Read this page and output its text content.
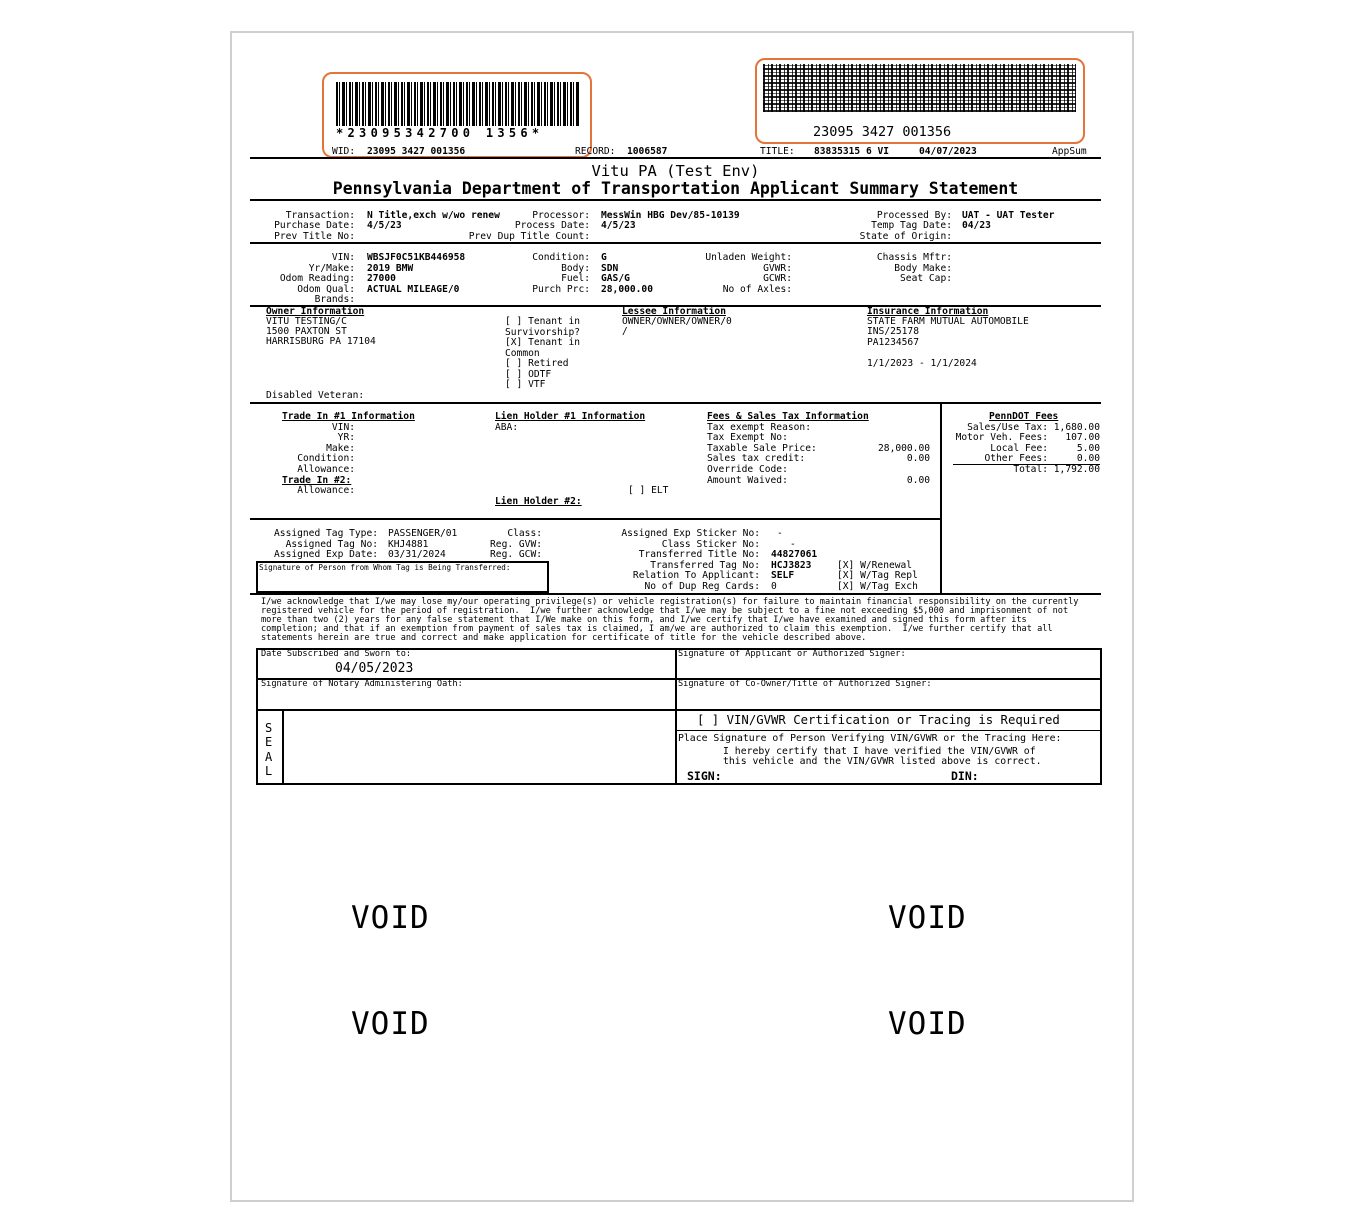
*23095342700 1356*	23095 3427 001356
WID: 23095 3427 001356	RECORD: 1006587	TITLE: 83835315 6 VI	04/07/2023	AppSum
Vitu PA (Test Env)
Pennsylvania Department of Transportation Applicant Summary Statement
Transaction: N Title,exch w/wo renew
Purchase Date: 4/5/23
Prev Title No:
Processor: MessWin HBG Dev/85-10139
Process Date: 4/5/23
Prev Dup Title Count:
Processed By: UAT - UAT Tester
Temp Tag Date: 04/23
State of Origin:
VIN: WBSJF0C51KB446958
Yr/Make: 2019 BMW
Odom Reading: 27000
Odom Qual: ACTUAL MILEAGE/0
Brands:
Condition: G
Body: SDN
Fuel: GAS/G
Purch Prc: 28,000.00
Unladen Weight:
GVWR:
GCWR:
No of Axles:
Chassis Mftr:
Body Make:
Seat Cap:
Owner Information
VITU TESTING/C
1500 PAXTON ST
HARRISBURG PA 17104
[ ] Tenant in
Survivorship?
[X] Tenant in
Common
[ ] Retired
[ ] ODTF
[ ] VTF
Disabled Veteran:
Lessee Information
OWNER/OWNER/OWNER/0
/
Insurance Information
STATE FARM MUTUAL AUTOMOBILE
INS/25178
PA1234567
1/1/2023 - 1/1/2024
Trade In #1 Information
VIN:
YR:
Make:
Condition:
Allowance:
Trade In #2:
Allowance:
Lien Holder #1 Information
ABA:
[ ] ELT
Lien Holder #2:
Fees & Sales Tax Information
Tax exempt Reason:
Tax Exempt No:
Taxable Sale Price:	28,000.00
Sales tax credit:	0.00
Override Code:
Amount Waived:	0.00
PennDOT Fees
Sales/Use Tax: 1,680.00
Motor Veh. Fees:	107.00
Local Fee:	5.00
Other Fees:	0.00
Total: 1,792.00
Assigned Tag Type: PASSENGER/01
Assigned Tag No: KHJ4881
Assigned Exp Date: 03/31/2024
Class:
Reg. GVW:
Reg. GCW:
Signature of Person from Whom Tag is Being Transferred:
Assigned Exp Sticker No: -
Class Sticker No:	-
Transferred Title No: 44827061
Transferred Tag No: HCJ3823
Relation To Applicant: SELF
No of Dup Reg Cards: 0
[X] W/Renewal
[X] W/Tag Repl
[X] W/Tag Exch
I/we acknowledge that I/we may lose my/our operating privilege(s) or vehicle registration(s) for failure to maintain financial responsibility on the currently
registered vehicle for the period of registration.  I/we further acknowledge that I/we may be subject to a fine not exceeding $5,000 and imprisonment of not
more than two (2) years for any false statement that I/We make on this form, and I/we certify that I/we have examined and signed this form after its
completion; and that if an exemption from payment of sales tax is claimed, I am/we are authorized to claim this exemption.  I/we further certify that all
statements herein are true and correct and make application for certificate of title for the vehicle described above.
Date Subscribed and Sworn to:
04/05/2023
Signature of Applicant or Authorized Signer:
Signature of Notary Administering Oath:	Signature of Co-Owner/Title of Authorized Signer:
S
E
A
L
[ ] VIN/GVWR Certification or Tracing is Required
Place Signature of Person Verifying VIN/GVWR or the Tracing Here:
I hereby certify that I have verified the VIN/GVWR of
this vehicle and the VIN/GVWR listed above is correct.
SIGN:	DIN:
VOID	VOID
VOID	VOID
